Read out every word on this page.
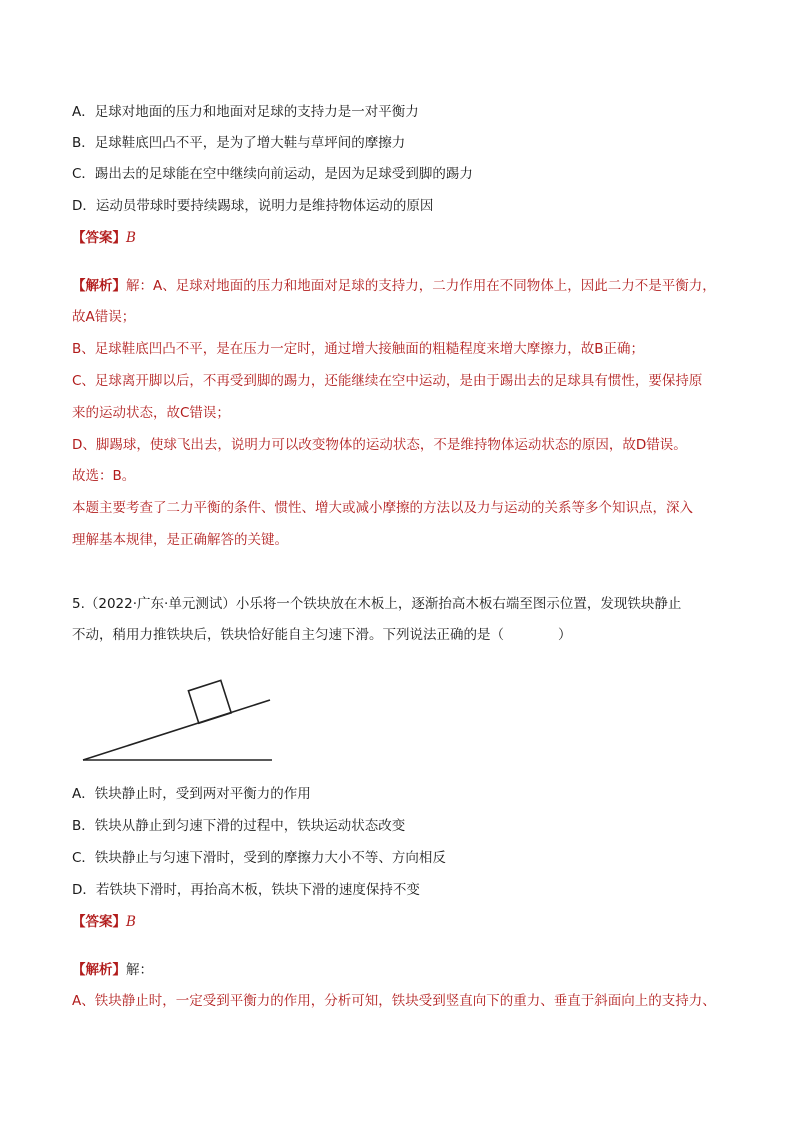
A．足球对地面的压力和地面对足球的支持力是一对平衡力
B．足球鞋底凹凸不平，是为了增大鞋与草坪间的摩擦力
C．踢出去的足球能在空中继续向前运动，是因为足球受到脚的踢力
D．运动员带球时要持续踢球，说明力是维持物体运动的原因
【答案】B
【解析】解：A、足球对地面的压力和地面对足球的支持力，二力作用在不同物体上，因此二力不是平衡力，
故A错误；
B、足球鞋底凹凸不平，是在压力一定时，通过增大接触面的粗糙程度来增大摩擦力，故B正确；
C、足球离开脚以后，不再受到脚的踢力，还能继续在空中运动，是由于踢出去的足球具有惯性，要保持原
来的运动状态，故C错误；
D、脚踢球，使球飞出去，说明力可以改变物体的运动状态，不是维持物体运动状态的原因，故D错误。
故选：B。
本题主要考查了二力平衡的条件、惯性、增大或减小摩擦的方法以及力与运动的关系等多个知识点，深入
理解基本规律，是正确解答的关键。
5.（2022·广东·单元测试）小乐将一个铁块放在木板上，逐渐抬高木板右端至图示位置，发现铁块静止
不动，稍用力推铁块后，铁块恰好能自主匀速下滑。下列说法正确的是（　　　　）
A．铁块静止时，受到两对平衡力的作用
B．铁块从静止到匀速下滑的过程中，铁块运动状态改变
C．铁块静止与匀速下滑时，受到的摩擦力大小不等、方向相反
D．若铁块下滑时，再抬高木板，铁块下滑的速度保持不变
【答案】B
【解析】解：
A、铁块静止时，一定受到平衡力的作用，分析可知，铁块受到竖直向下的重力、垂直于斜面向上的支持力、
